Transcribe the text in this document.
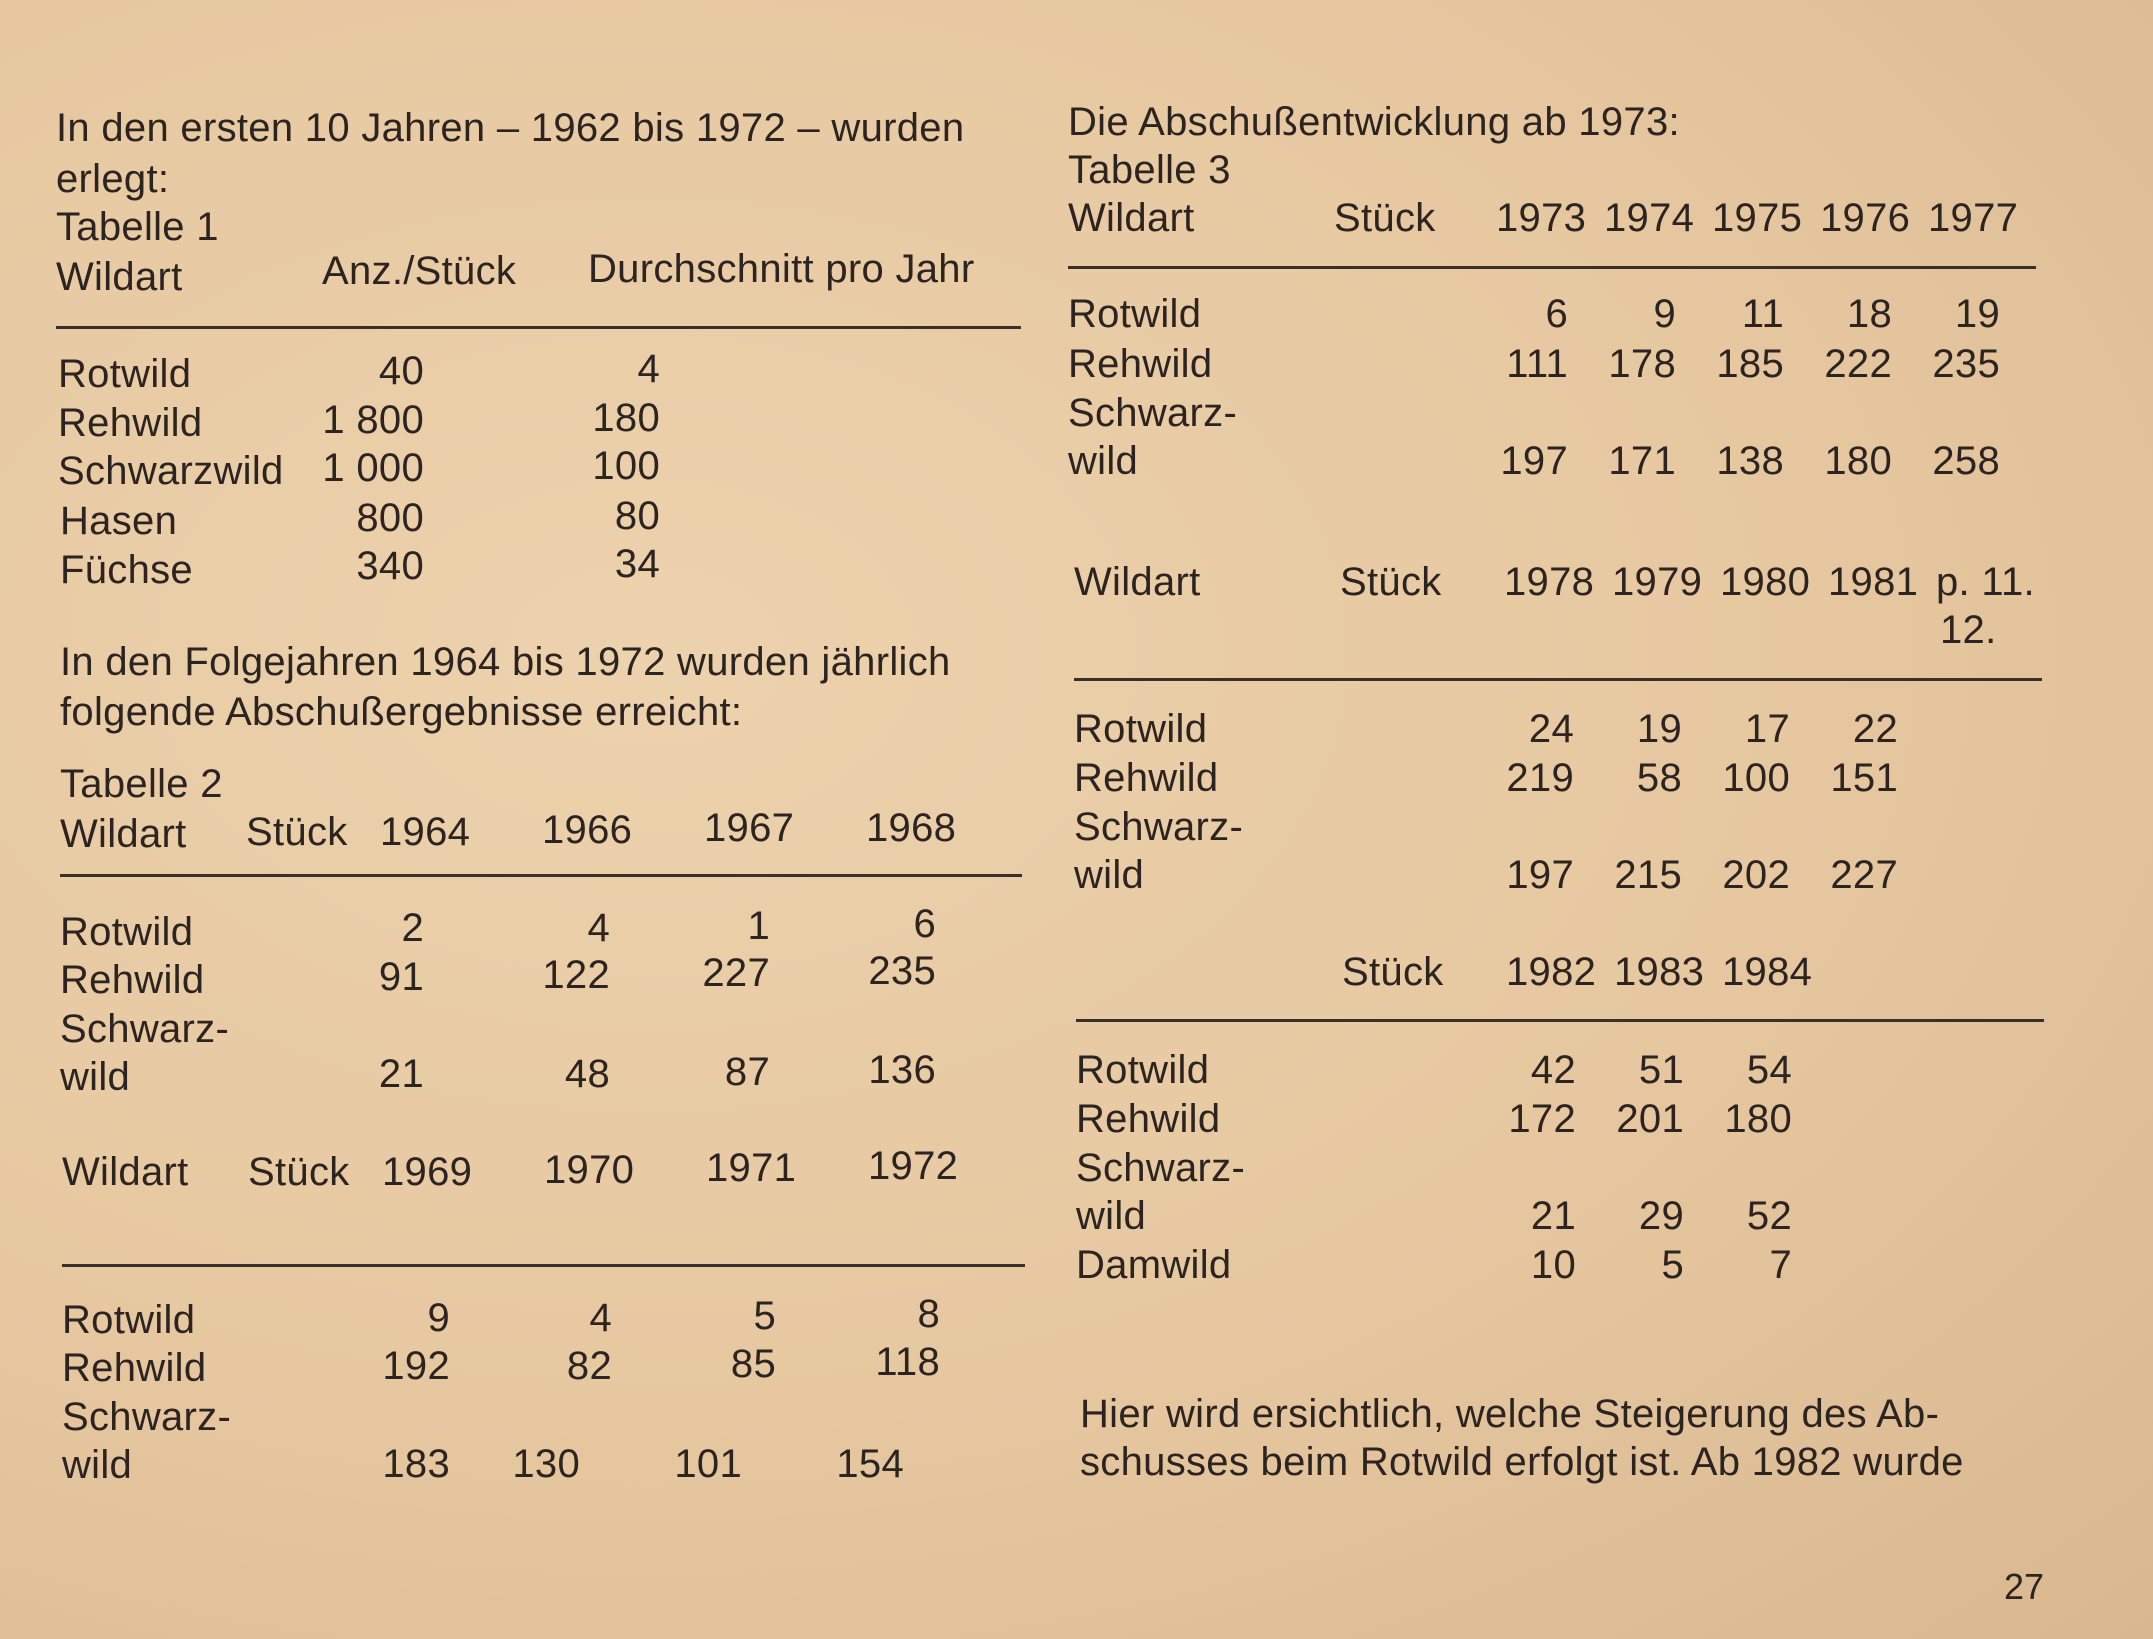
In den ersten 10 Jahren – 1962 bis 1972 – wurden
erlegt:
Tabelle 1
Wildart	Anz./Stück Durchschnitt pro Jahr
Rotwild	40	4
Rehwild	1 800	180
Schwarzwild 1 000	100
Hasen	800	80
Füchse	340	34
In den Folgejahren 1964 bis 1972 wurden jährlich
folgende Abschußergebnisse erreicht:
Tabelle 2
Wildart Stück 1964 1966 1967 1968
Rotwild	2	4	1	6
Rehwild	91	122	227	235
Schwarz-
wild	21	48	87	136
Wildart Stück 1969 1970 1971 1972
Rotwild	9	4	5	8
Rehwild	192	82	85	118
Schwarz-
wild	183	130	101	154
Die Abschußentwicklung ab 1973:
Tabelle 3
Wildart	Stück 1973 1974 1975 1976 1977
Rotwild	6	9	11	18	19
Rehwild	111	178	185	222	235
Schwarz-
wild	197	171	138	180	258
Wildart	Stück 1978 1979 1980 1981 p. 11.
12.
Rotwild	24	19	17	22
Rehwild	219	58	100	151
Schwarz-
wild	197	215	202	227
Stück 1982 1983 1984
Rotwild	42	51	54
Rehwild	172	201	180
Schwarz-
wild	21	29	52
Damwild	10	5	7
Hier wird ersichtlich, welche Steigerung des Ab-
schusses beim Rotwild erfolgt ist. Ab 1982 wurde
27
